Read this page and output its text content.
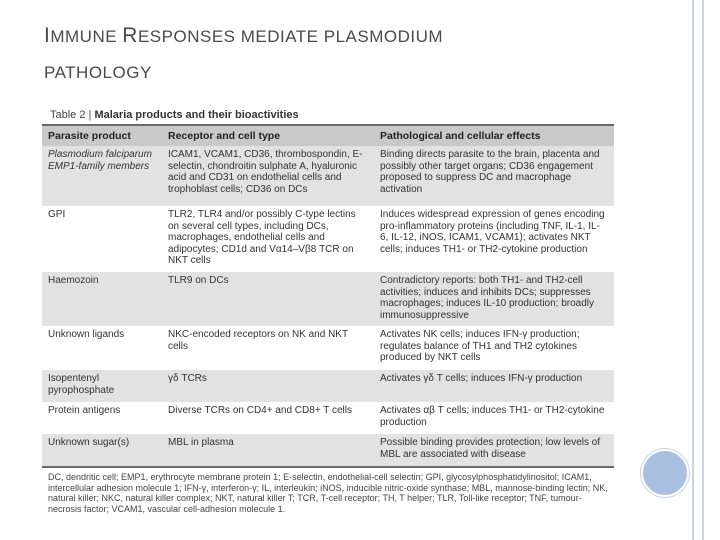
IMMUNE RESPONSES MEDIATE PLASMODIUM
PATHOLOGY
Table 2 | Malaria products and their bioactivities
Parasite product	Receptor and cell type	Pathological and cellular effects
Plasmodium falciparum EMP1-family members	ICAM1, VCAM1, CD36, thrombospondin, E-selectin, chondroitin sulphate A, hyaluronic acid and CD31 on endothelial cells and trophoblast cells; CD36 on DCs	Binding directs parasite to the brain, placenta and possibly other target organs; CD36 engagement proposed to suppress DC and macrophage activation
GPI	TLR2, TLR4 and/or possibly C-type lectins on several cell types, including DCs, macrophages, endothelial cells and adipocytes; CD1d and Vα14–Vβ8 TCR on NKT cells	Induces widespread expression of genes encoding pro-inflammatory proteins (including TNF, IL-1, IL-6, IL-12, iNOS, ICAM1, VCAM1); activates NKT cells; induces TH1- or TH2-cytokine production
Haemozoin	TLR9 on DCs	Contradictory reports: both TH1- and TH2-cell activities; induces and inhibits DCs; suppresses macrophages; induces IL-10 production; broadly immunosuppressive
Unknown ligands	NKC-encoded receptors on NK and NKT cells	Activates NK cells; induces IFN-γ production; regulates balance of TH1 and TH2 cytokines produced by NKT cells
Isopentenyl pyrophosphate	γδ TCRs	Activates γδ T cells; induces IFN-γ production
Protein antigens	Diverse TCRs on CD4+ and CD8+ T cells	Activates αβ T cells; induces TH1- or TH2-cytokine production
Unknown sugar(s)	MBL in plasma	Possible binding provides protection; low levels of MBL are associated with disease
DC, dendritic cell; EMP1, erythrocyte membrane protein 1; E-selectin, endothelial-cell selectin; GPI, glycosylphosphatidylinositol; ICAM1, intercellular adhesion molecule 1; IFN-γ, interferon-γ; IL, interleukin; iNOS, inducible nitric-oxide synthase; MBL, mannose-binding lectin; NK, natural killer; NKC, natural killer complex; NKT, natural killer T; TCR, T-cell receptor; TH, T helper; TLR, Toll-like receptor; TNF, tumour-necrosis factor; VCAM1, vascular cell-adhesion molecule 1.
